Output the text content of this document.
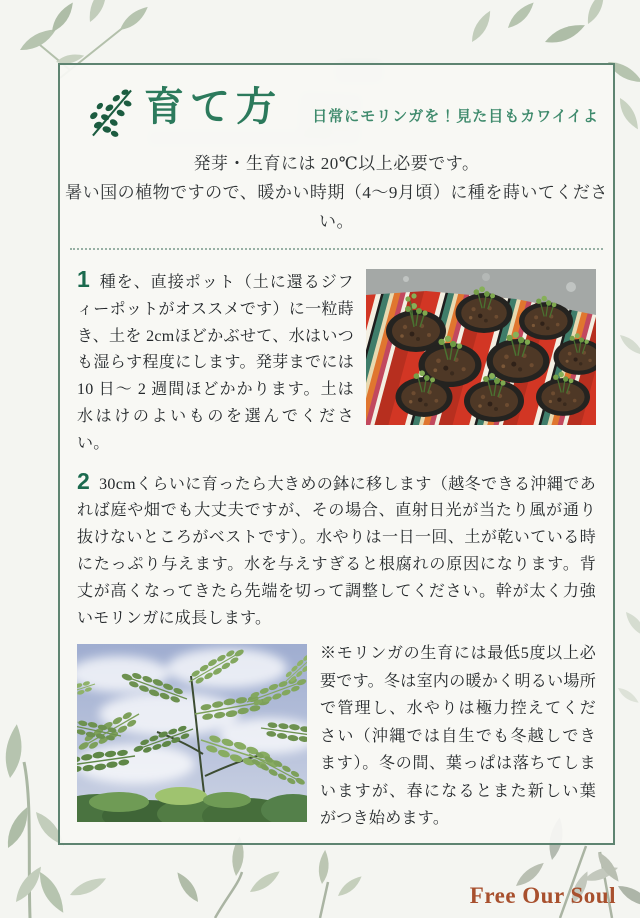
育て方 日常にモリンガを！見た目もカワイイよ
発芽・生育には 20℃以上必要です。
暑い国の植物ですので、暖かい時期（4～9月頃）に種を蒔いてください。

1 種を、直接ポット（土に還るジフィーポットがオススメです）に一粒蒔き、土を 2cmほどかぶせて、水はいつも湿らす程度にします。発芽までには 10 日～ 2 週間ほどかかります。土は水はけのよいものを選んでください。

2 30cmくらいに育ったら大きめの鉢に移します（越冬できる沖縄であれば庭や畑でも大丈夫ですが、その場合、直射日光が当たり風が通り抜けないところがベストです）。水やりは一日一回、土が乾いている時にたっぷり与えます。水を与えすぎると根腐れの原因になります。背丈が高くなってきたら先端を切って調整してください。幹が太く力強いモリンガに成長します。

※モリンガの生育には最低5度以上必要です。冬は室内の暖かく明るい場所で管理し、水やりは極力控えてください（沖縄では自生でも冬越しできます）。冬の間、葉っぱは落ちてしまいますが、春になるとまた新しい葉がつき始めます。

Free Our Soul
